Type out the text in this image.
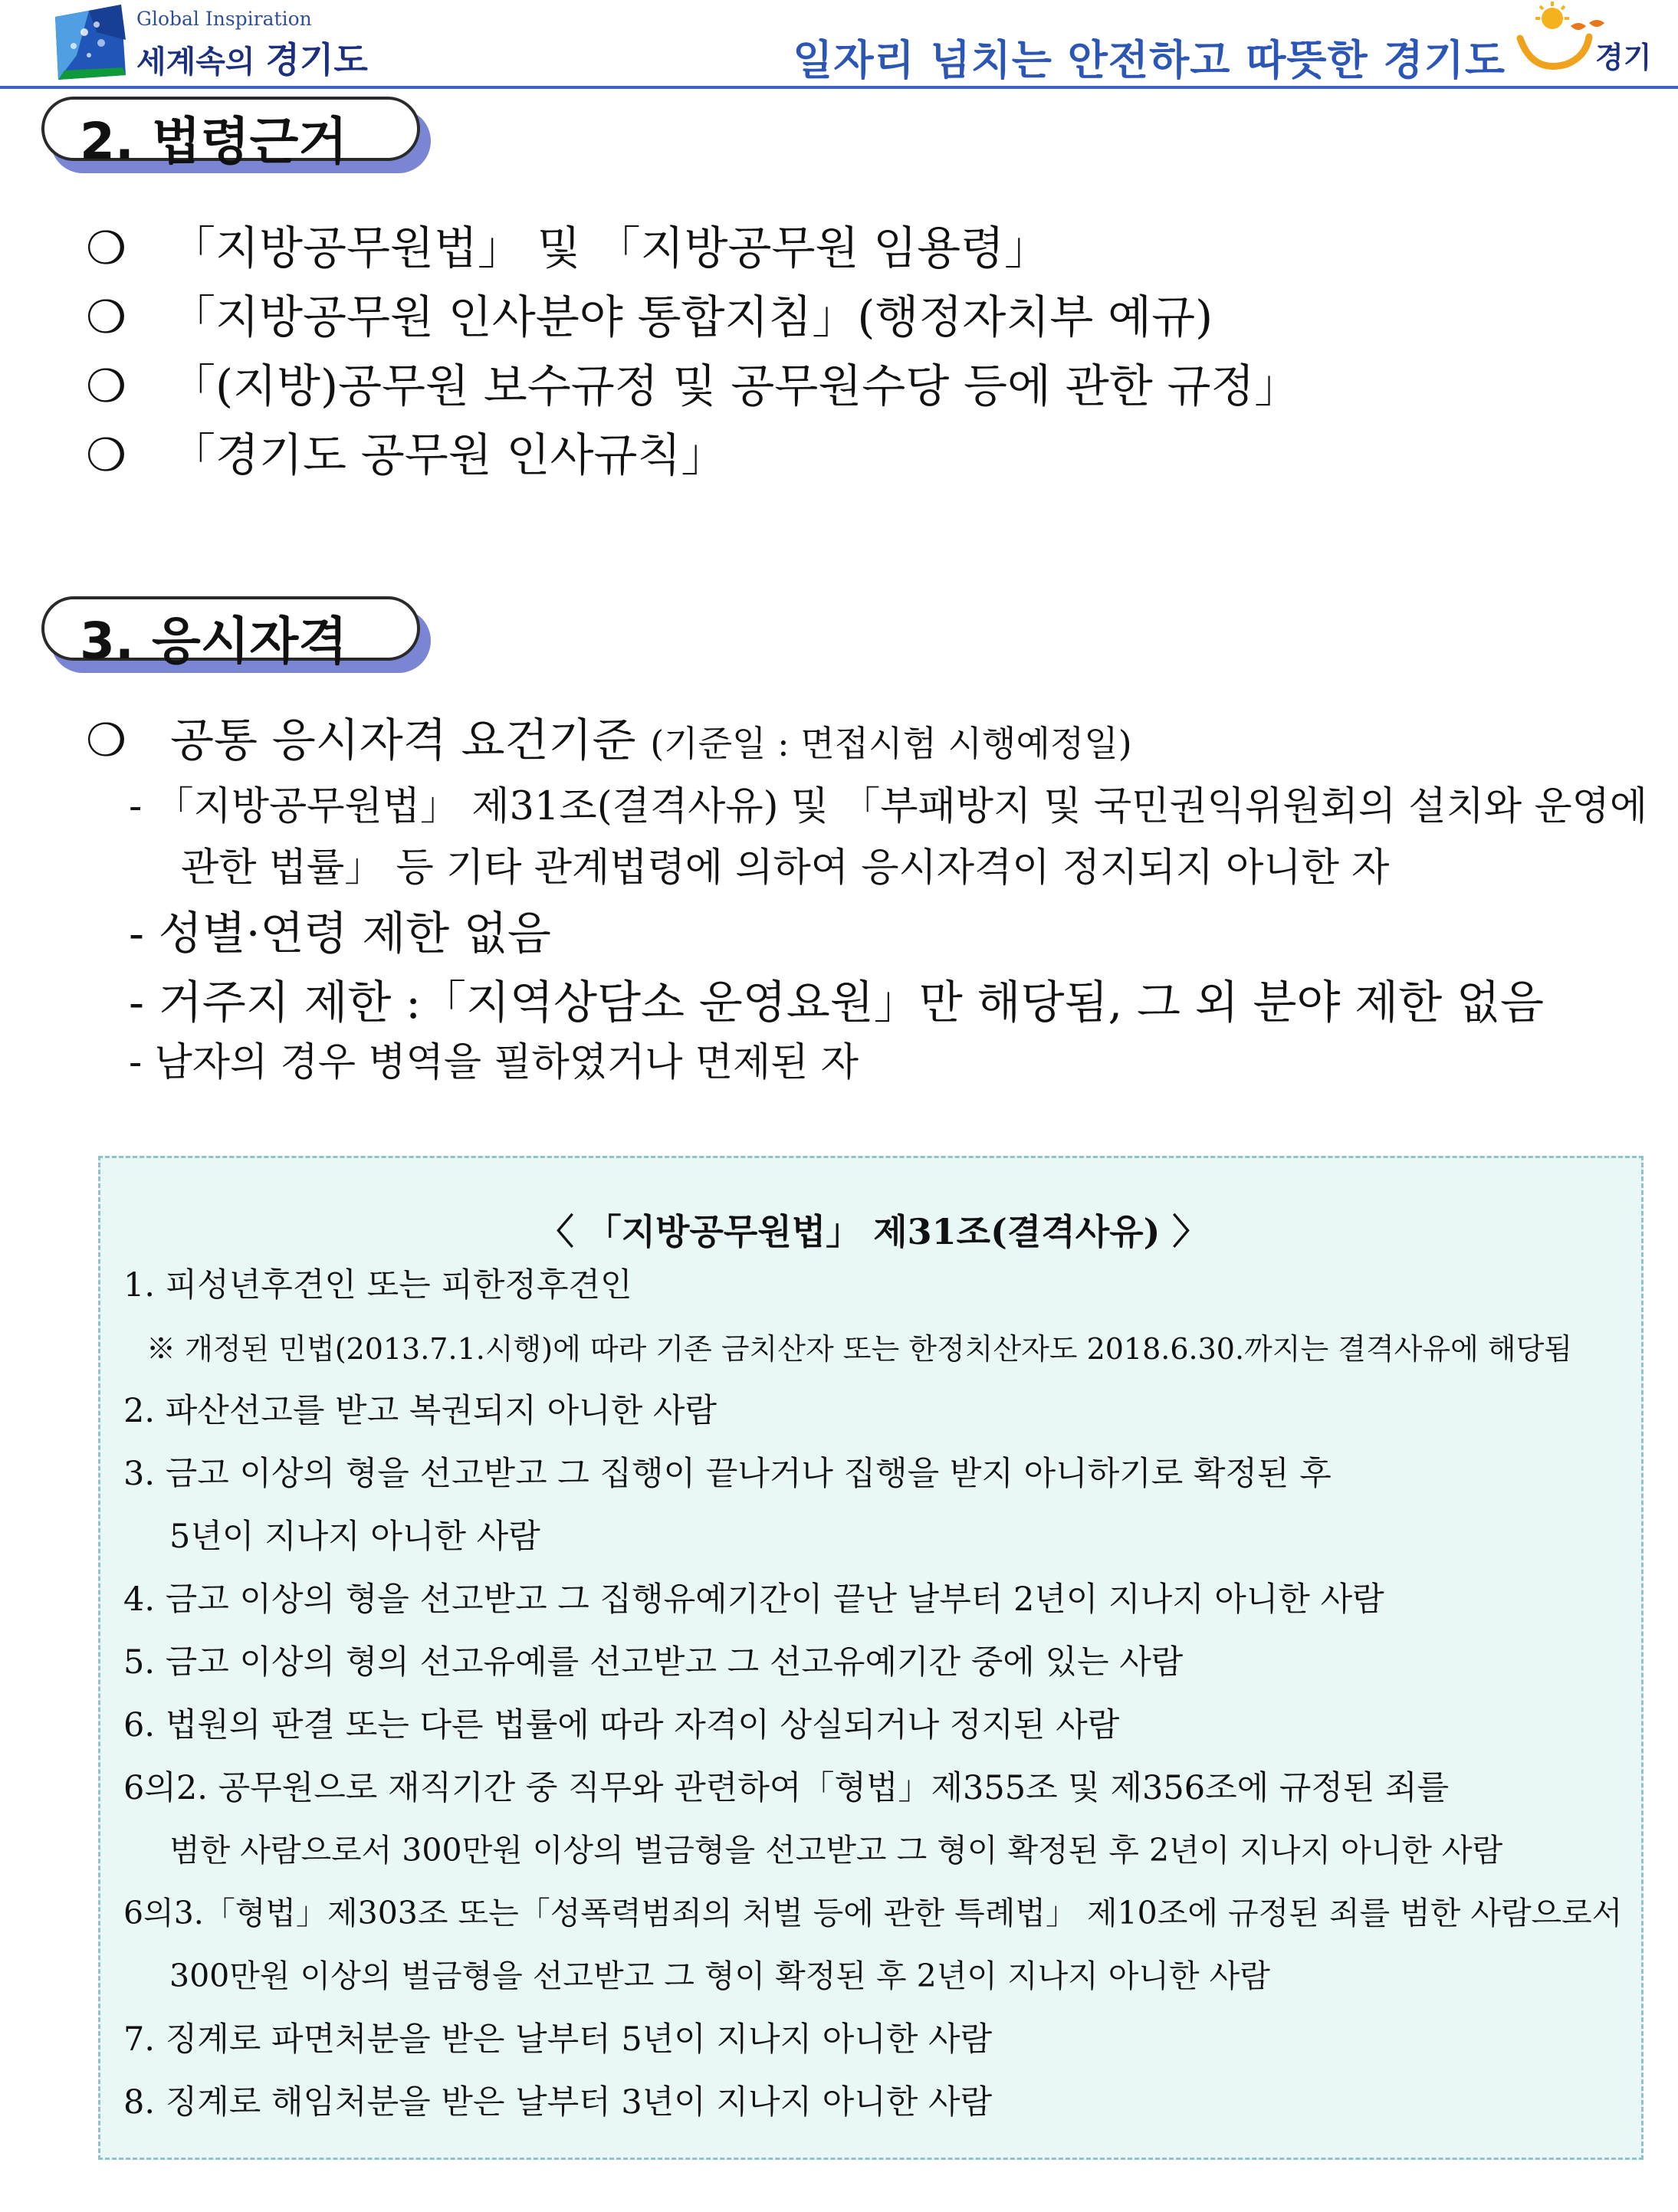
Global Inspiration
세계속의 경기도	일자리 넘치는 안전하고 따뜻한 경기도	경기
2. 법령근거
❍ 「지방공무원법」 및 「지방공무원 임용령」
❍ 「지방공무원 인사분야 통합지침」(행정자치부 예규)
❍ 「(지방)공무원 보수규정 및 공무원수당 등에 관한 규정」
❍ 「경기도 공무원 인사규칙」
3. 응시자격
❍ 공통 응시자격 요건기준 (기준일 : 면접시험 시행예정일)
- 「지방공무원법」 제31조(결격사유) 및 「부패방지 및 국민권익위원회의 설치와 운영에
관한 법률」 등 기타 관계법령에 의하여 응시자격이 정지되지 아니한 자
- 성별·연령 제한 없음
- 거주지 제한 :「지역상담소 운영요원」만 해당됨, 그 외 분야 제한 없음
- 남자의 경우 병역을 필하였거나 면제된 자
〈 「지방공무원법」 제31조(결격사유) 〉
1. 피성년후견인 또는 피한정후견인
※ 개정된 민법(2013.7.1.시행)에 따라 기존 금치산자 또는 한정치산자도 2018.6.30.까지는 결격사유에 해당됨
2. 파산선고를 받고 복권되지 아니한 사람
3. 금고 이상의 형을 선고받고 그 집행이 끝나거나 집행을 받지 아니하기로 확정된 후
5년이 지나지 아니한 사람
4. 금고 이상의 형을 선고받고 그 집행유예기간이 끝난 날부터 2년이 지나지 아니한 사람
5. 금고 이상의 형의 선고유예를 선고받고 그 선고유예기간 중에 있는 사람
6. 법원의 판결 또는 다른 법률에 따라 자격이 상실되거나 정지된 사람
6의2. 공무원으로 재직기간 중 직무와 관련하여「형법」제355조 및 제356조에 규정된 죄를
범한 사람으로서 300만원 이상의 벌금형을 선고받고 그 형이 확정된 후 2년이 지나지 아니한 사람
6의3.「형법」제303조 또는「성폭력범죄의 처벌 등에 관한 특례법」 제10조에 규정된 죄를 범한 사람으로서
300만원 이상의 벌금형을 선고받고 그 형이 확정된 후 2년이 지나지 아니한 사람
7. 징계로 파면처분을 받은 날부터 5년이 지나지 아니한 사람
8. 징계로 해임처분을 받은 날부터 3년이 지나지 아니한 사람
